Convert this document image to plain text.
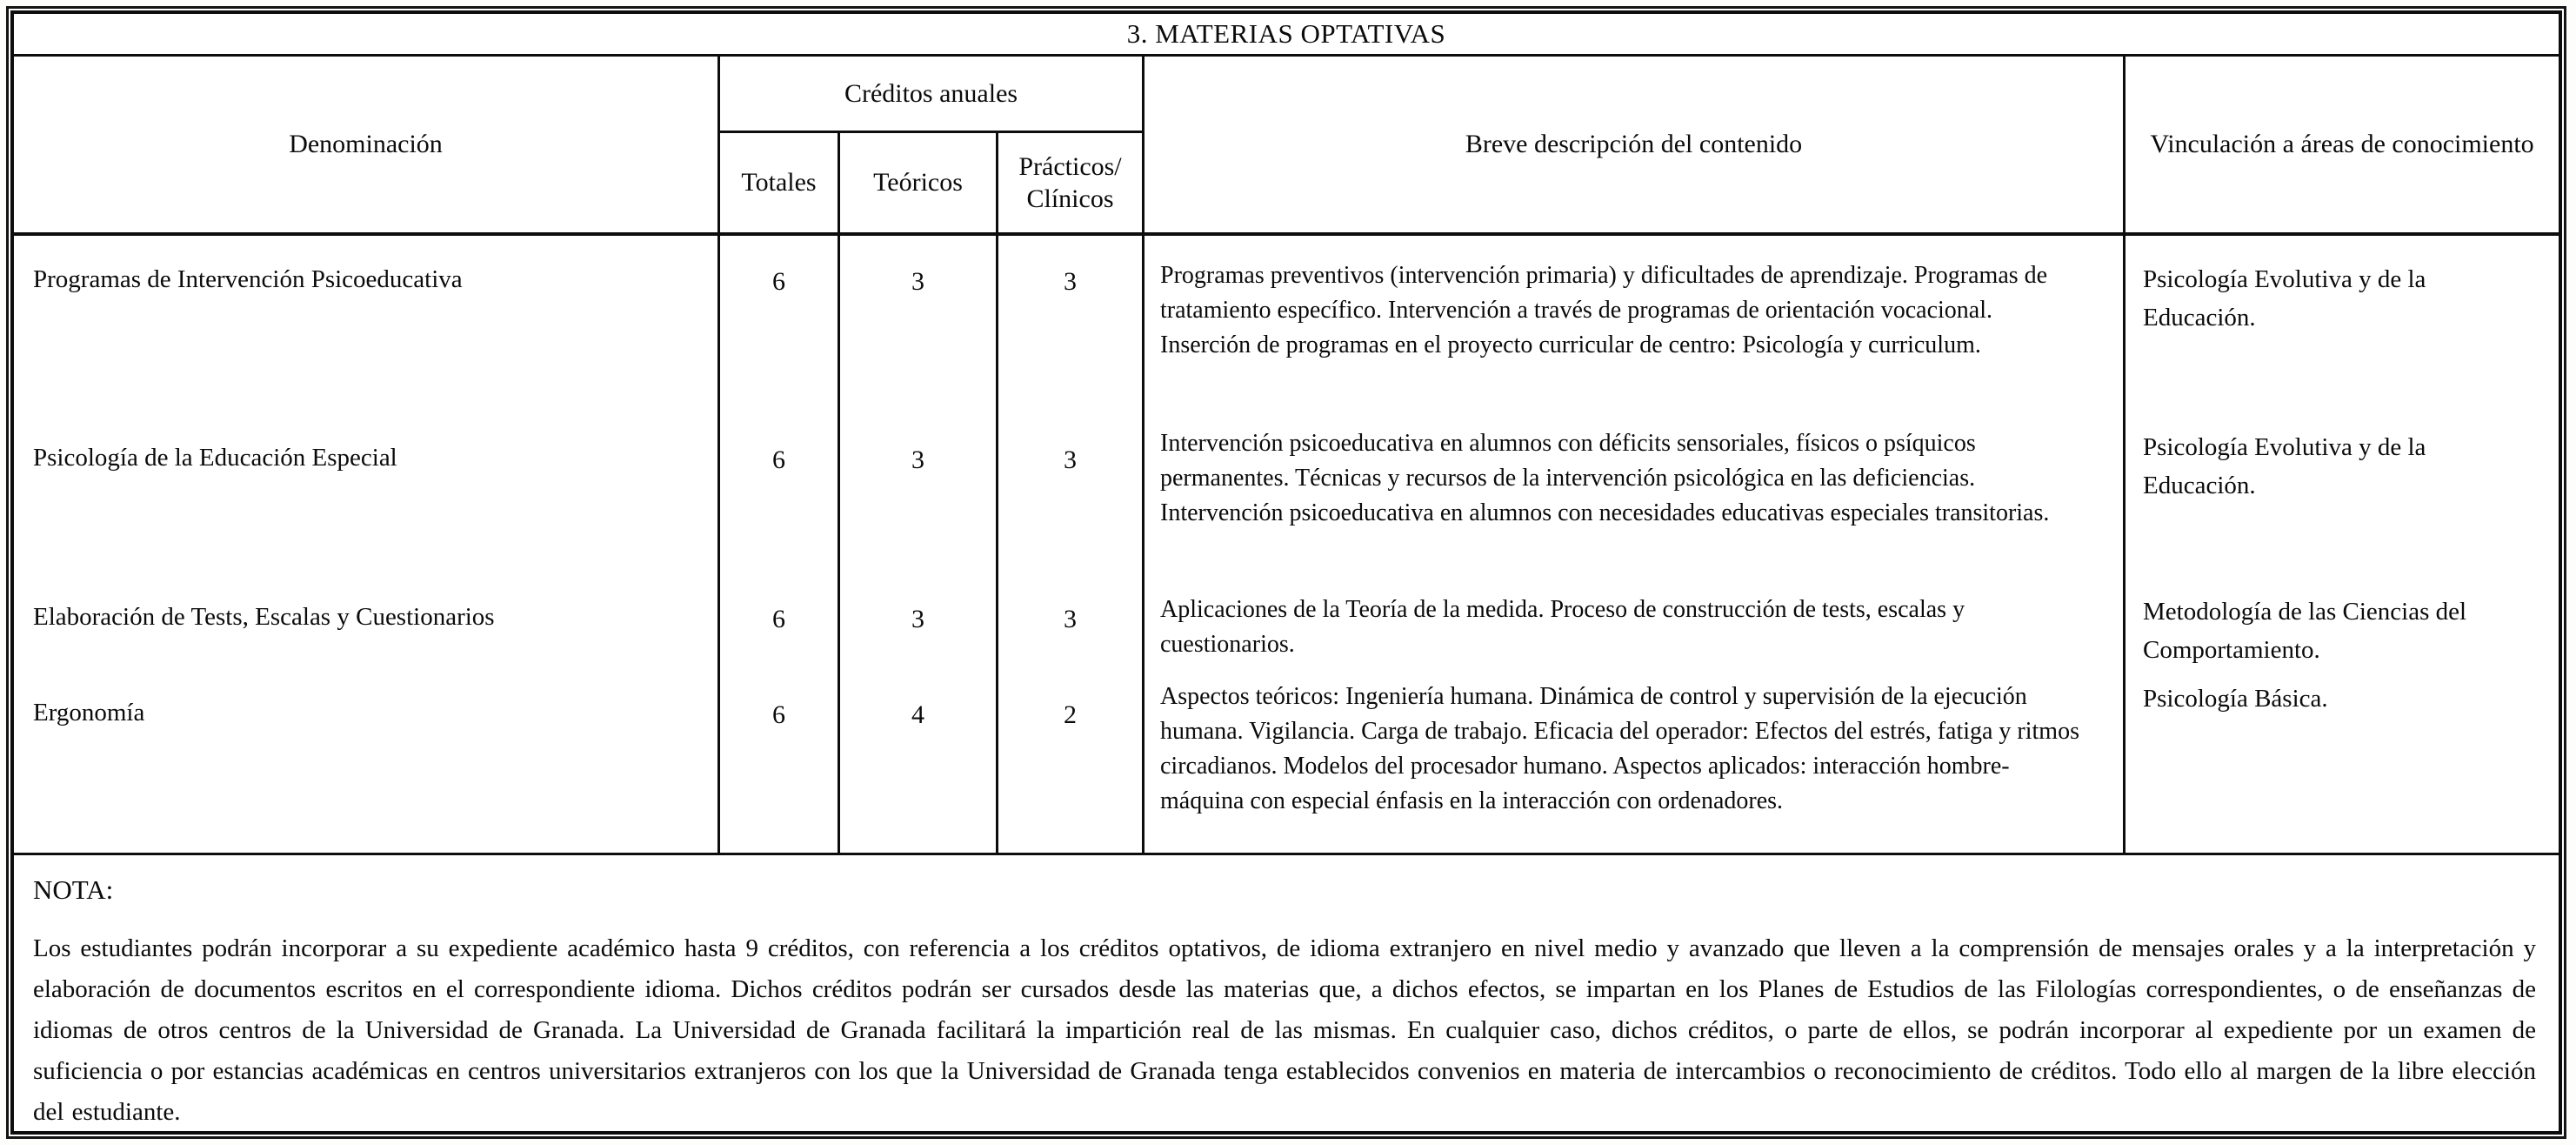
3. MATERIAS OPTATIVAS
Denominación
Créditos anuales
Totales	Teóricos
Prácticos/ Clínicos
Breve descripción del contenido	Vinculación a áreas de conocimiento
Programas de Intervención Psicoeducativa
Psicología de la Educación Especial
Elaboración de Tests, Escalas y Cuestionarios
Ergonomía
6
6
6
6
3
3
3
4
3
3
3
2
Programas preventivos (intervención primaria) y dificultades de aprendizaje. Programas de tratamiento específico. Intervención a través de programas de orientación vocacional. Inserción de programas en el proyecto curricular de centro: Psicología y curriculum.
Intervención psicoeducativa en alumnos con déficits sensoriales, físicos o psíquicos permanentes. Técnicas y recursos de la intervención psicológica en las deficiencias. Intervención psicoeducativa en alumnos con necesidades educativas especiales transitorias.
Aplicaciones de la Teoría de la medida. Proceso de construcción de tests, escalas y cuestionarios.
Aspectos teóricos: Ingeniería humana. Dinámica de control y supervisión de la ejecución humana. Vigilancia. Carga de trabajo. Eficacia del operador: Efectos del estrés, fatiga y ritmos circadianos. Modelos del procesador humano. Aspectos aplicados: interacción hombre-máquina con especial énfasis en la interacción con ordenadores.
Psicología Evolutiva y de la Educación.
Psicología Evolutiva y de la Educación.
Metodología de las Ciencias del Comportamiento.
Psicología Básica.
NOTA:
Los estudiantes podrán incorporar a su expediente académico hasta 9 créditos, con referencia a los créditos optativos, de idioma extranjero en nivel medio y avanzado que lleven a la comprensión de mensajes orales y a la interpretación y elaboración de documentos escritos en el correspondiente idioma. Dichos créditos podrán ser cursados desde las materias que, a dichos efectos, se impartan en los Planes de Estudios de las Filologías correspondientes, o de enseñanzas de idiomas de otros centros de la Universidad de Granada. La Universidad de Granada facilitará la impartición real de las mismas. En cualquier caso, dichos créditos, o parte de ellos, se podrán incorporar al expediente por un examen de suficiencia o por estancias académicas en centros universitarios extranjeros con los que la Universidad de Granada tenga establecidos convenios en materia de intercambios o reconocimiento de créditos. Todo ello al margen de la libre elección del estudiante.
